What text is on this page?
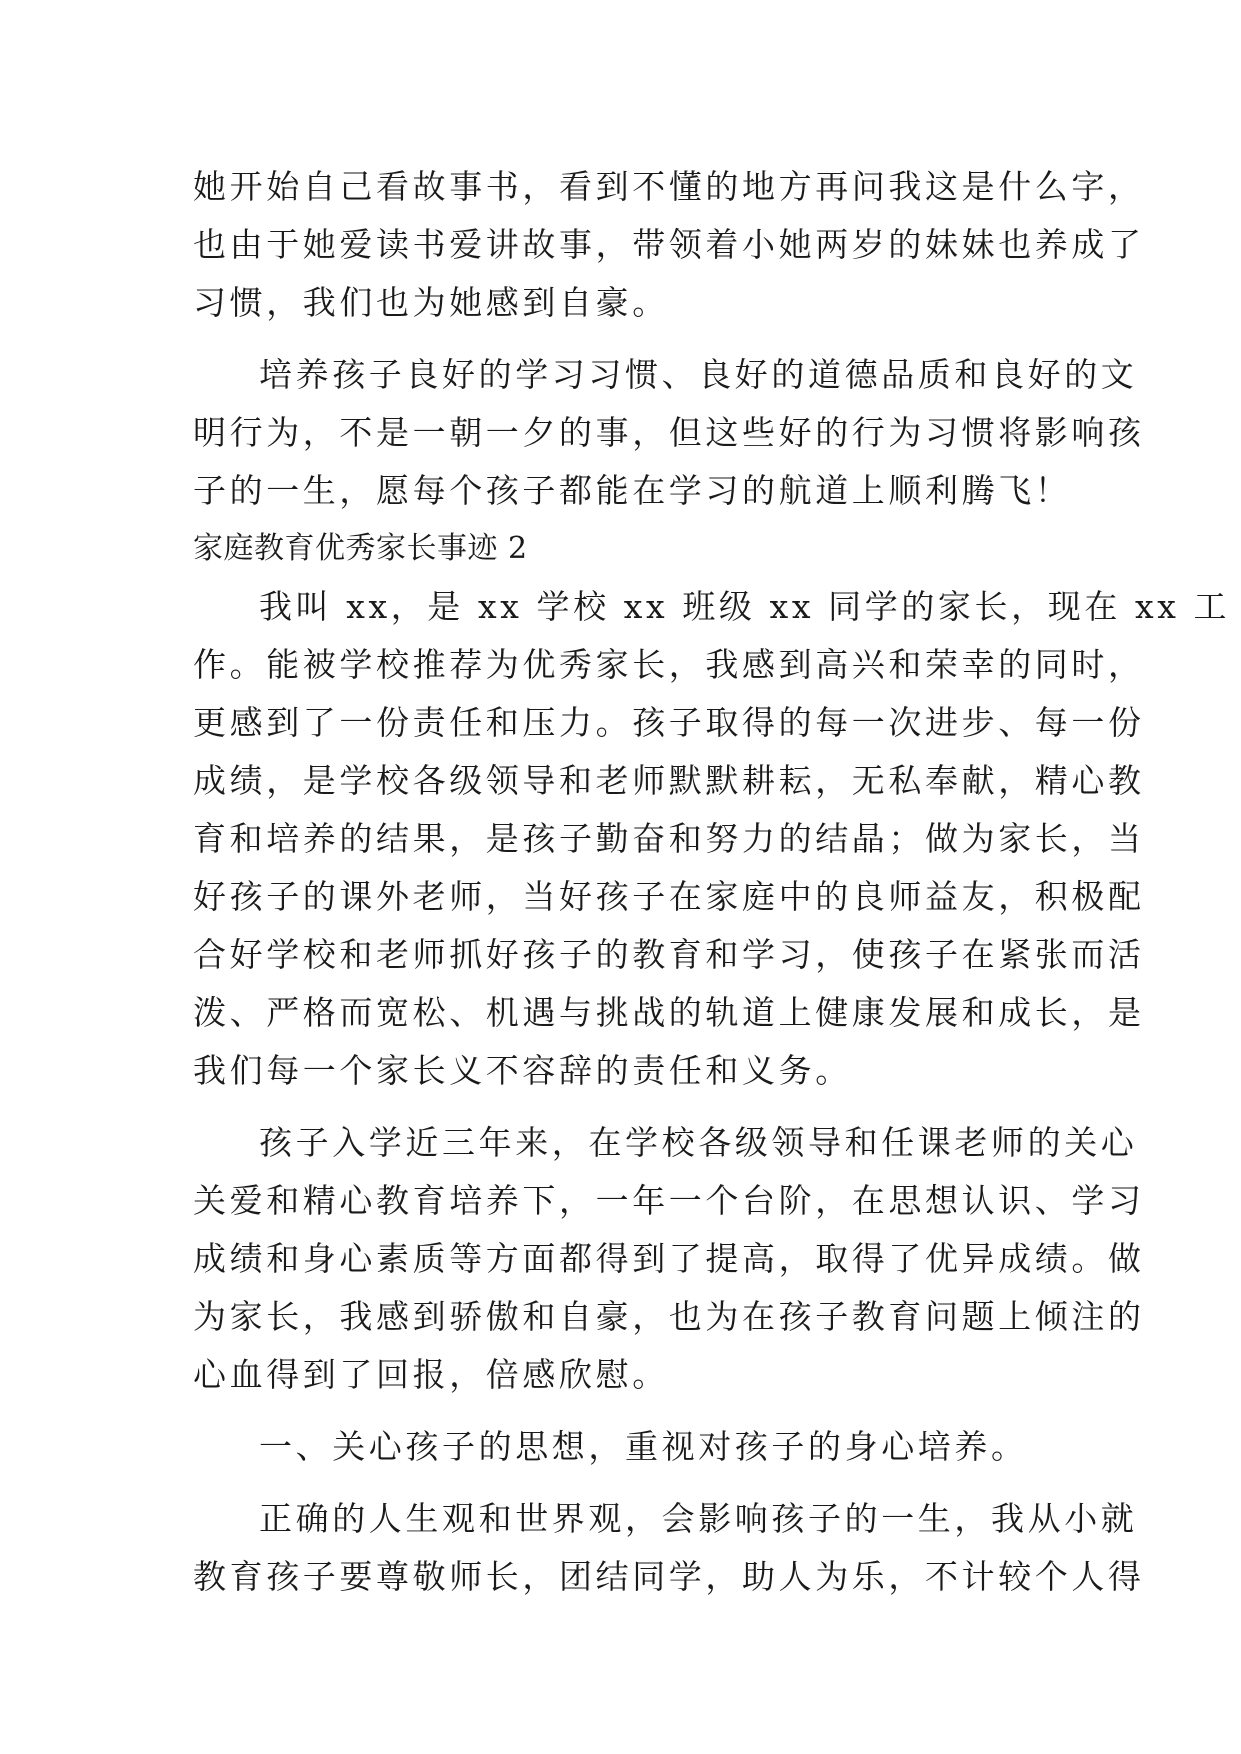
她开始自己看故事书，看到不懂的地方再问我这是什么字，
也由于她爱读书爱讲故事，带领着小她两岁的妹妹也养成了
习惯，我们也为她感到自豪。
培养孩子良好的学习习惯、良好的道德品质和良好的文
明行为，不是一朝一夕的事，但这些好的行为习惯将影响孩
子的一生，愿每个孩子都能在学习的航道上顺利腾飞！
家庭教育优秀家长事迹 2
我叫 xx，是 xx 学校 xx 班级 xx 同学的家长，现在 xx 工
作。能被学校推荐为优秀家长，我感到高兴和荣幸的同时，
更感到了一份责任和压力。孩子取得的每一次进步、每一份
成绩，是学校各级领导和老师默默耕耘，无私奉献，精心教
育和培养的结果，是孩子勤奋和努力的结晶；做为家长，当
好孩子的课外老师，当好孩子在家庭中的良师益友，积极配
合好学校和老师抓好孩子的教育和学习，使孩子在紧张而活
泼、严格而宽松、机遇与挑战的轨道上健康发展和成长，是
我们每一个家长义不容辞的责任和义务。
孩子入学近三年来，在学校各级领导和任课老师的关心
关爱和精心教育培养下，一年一个台阶，在思想认识、学习
成绩和身心素质等方面都得到了提高，取得了优异成绩。做
为家长，我感到骄傲和自豪，也为在孩子教育问题上倾注的
心血得到了回报，倍感欣慰。
一、关心孩子的思想，重视对孩子的身心培养。
正确的人生观和世界观，会影响孩子的一生，我从小就
教育孩子要尊敬师长，团结同学，助人为乐，不计较个人得
